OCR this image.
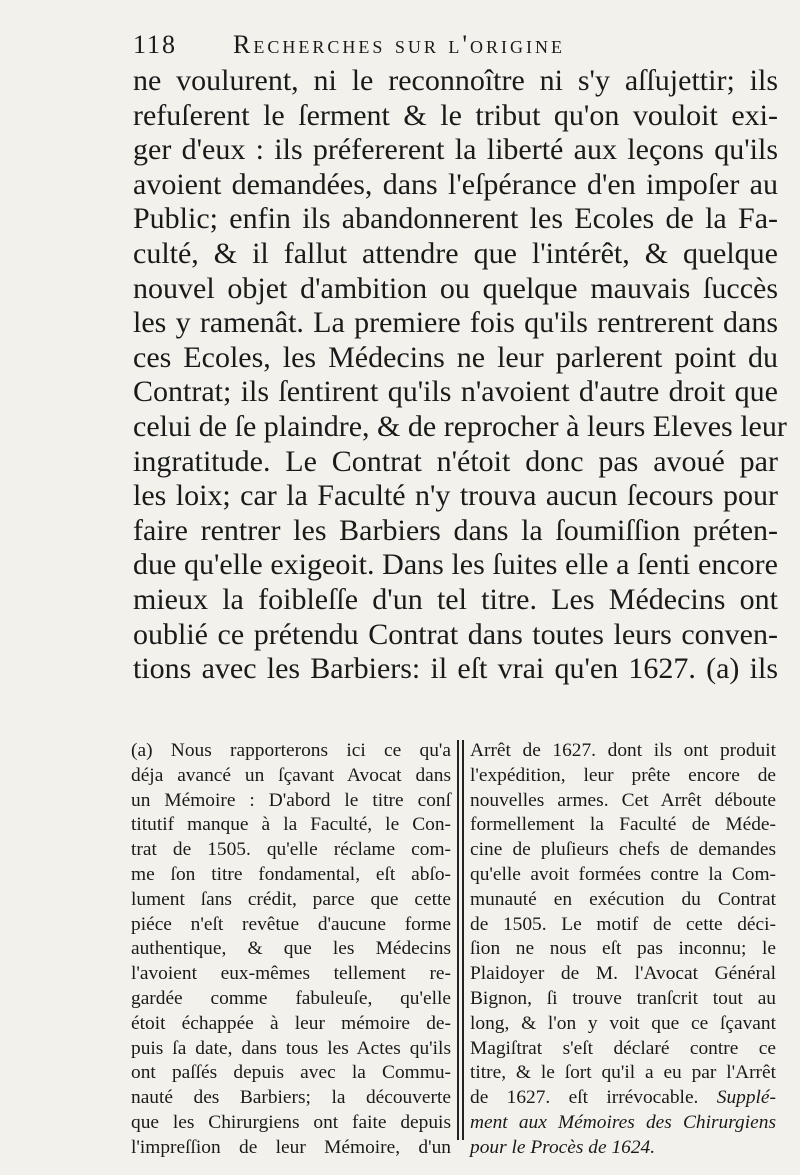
118 Recherches sur l'origine
ne voulurent, ni le reconnoître ni s'y aſſujettir; ils
refuſerent le ſerment & le tribut qu'on vouloit exi-
ger d'eux : ils préfererent la liberté aux leçons qu'ils
avoient demandées, dans l'eſpérance d'en impoſer au
Public; enfin ils abandonnerent les Ecoles de la Fa-
culté, & il fallut attendre que l'intérêt, & quelque
nouvel objet d'ambition ou quelque mauvais ſuccès
les y ramenât. La premiere fois qu'ils rentrerent dans
ces Ecoles, les Médecins ne leur parlerent point du
Contrat; ils ſentirent qu'ils n'avoient d'autre droit que
celui de ſe plaindre, & de reprocher à leurs Eleves leur
ingratitude. Le Contrat n'étoit donc pas avoué par
les loix; car la Faculté n'y trouva aucun ſecours pour
faire rentrer les Barbiers dans la ſoumiſſion préten-
due qu'elle exigeoit. Dans les ſuites elle a ſenti encore
mieux la foibleſſe d'un tel titre. Les Médecins ont
oublié ce prétendu Contrat dans toutes leurs conven-
tions avec les Barbiers: il eſt vrai qu'en 1627. (a) ils
(a) Nous rapporterons ici ce qu'a
déja avancé un ſçavant Avocat dans
un Mémoire : D'abord le titre conſ
titutif manque à la Faculté, le Con-
trat de 1505. qu'elle réclame com-
me ſon titre fondamental, eſt abſo-
lument ſans crédit, parce que cette
piéce n'eſt revêtue d'aucune forme
authentique, & que les Médecins
l'avoient eux-mêmes tellement re-
gardée comme fabuleuſe, qu'elle
étoit échappée à leur mémoire de-
puis ſa date, dans tous les Actes qu'ils
ont paſſés depuis avec la Commu-
nauté des Barbiers; la découverte
que les Chirurgiens ont faite depuis
l'impreſſion de leur Mémoire, d'un
Arrêt de 1627. dont ils ont produit
l'expédition, leur prête encore de
nouvelles armes. Cet Arrêt déboute
formellement la Faculté de Méde-
cine de pluſieurs chefs de demandes
qu'elle avoit formées contre la Com-
munauté en exécution du Contrat
de 1505. Le motif de cette déci-
ſion ne nous eſt pas inconnu; le
Plaidoyer de M. l'Avocat Général
Bignon, ſi trouve tranſcrit tout au
long, & l'on y voit que ce ſçavant
Magiſtrat s'eſt déclaré contre ce
titre, & le ſort qu'il a eu par l'Arrêt
de 1627. eſt irrévocable. Supplé-
ment aux Mémoires des Chirurgiens
pour le Procès de 1624.
